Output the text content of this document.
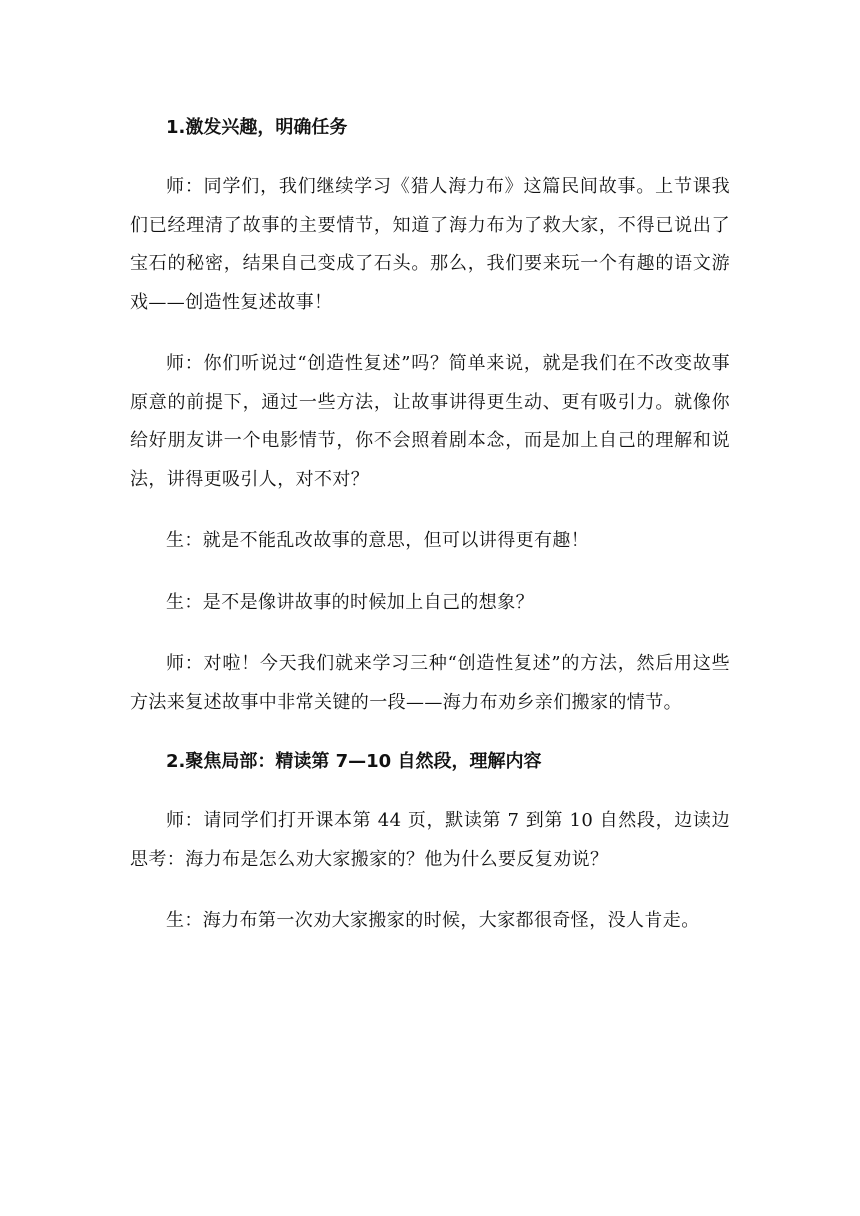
1.激发兴趣，明确任务

师：同学们，我们继续学习《猎人海力布》这篇民间故事。上节课我们已经理清了故事的主要情节，知道了海力布为了救大家，不得已说出了宝石的秘密，结果自己变成了石头。那么，我们要来玩一个有趣的语文游戏——创造性复述故事！

师：你们听说过“创造性复述”吗？简单来说，就是我们在不改变故事原意的前提下，通过一些方法，让故事讲得更生动、更有吸引力。就像你给好朋友讲一个电影情节，你不会照着剧本念，而是加上自己的理解和说法，讲得更吸引人，对不对？

生：就是不能乱改故事的意思，但可以讲得更有趣！

生：是不是像讲故事的时候加上自己的想象？

师：对啦！今天我们就来学习三种“创造性复述”的方法，然后用这些方法来复述故事中非常关键的一段——海力布劝乡亲们搬家的情节。

2.聚焦局部：精读第 7—10 自然段，理解内容

师：请同学们打开课本第 44 页，默读第 7 到第 10 自然段，边读边思考：海力布是怎么劝大家搬家的？他为什么要反复劝说？

生：海力布第一次劝大家搬家的时候，大家都很奇怪，没人肯走。
